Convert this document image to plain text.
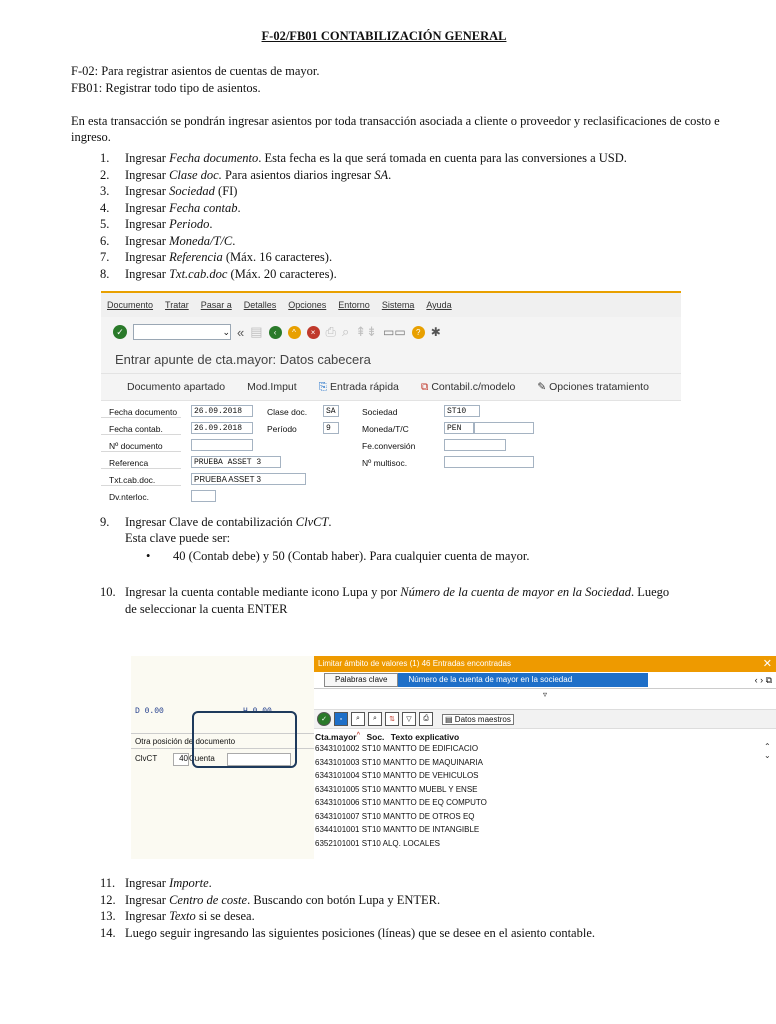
F-02/FB01 CONTABILIZACIÓN GENERAL
F-02: Para registrar asientos de cuentas de mayor.
FB01: Registrar todo tipo de asientos.
En esta transacción se pondrán ingresar asientos por toda transacción asociada a cliente o proveedor y reclasificaciones de costo e ingreso.
1. Ingresar Fecha documento. Esta fecha es la que será tomada en cuenta para las conversiones a USD.
2. Ingresar Clase doc. Para asientos diarios ingresar SA.
3. Ingresar Sociedad (FI)
4. Ingresar Fecha contab.
5. Ingresar Periodo.
6. Ingresar Moneda/T/C.
7. Ingresar Referencia (Máx. 16 caracteres).
8. Ingresar Txt.cab.doc (Máx. 20 caracteres).
Documento Tratar Pasar a Detalles Opciones Entorno Sistema Ayuda
✓	⌄ « ▤	‹	^	× ⎙ ⌕ ⇞⇟ ▭▭	? ✱
Entrar apunte de cta.mayor: Datos cabecera
Documento apartado Mod.Imput ⎘ Entrada rápida ⧉ Contabil.c/modelo ✎ Opciones tratamiento
Fecha documento	26.09.2018
Fecha contab.	26.09.2018
Nº documento
Referenca	PRUEBA ASSET 3
Txt.cab.doc.	PRUEBA ASSET 3
Dv.nterloc.
Clase doc.	SA
Período	9
Sociedad	ST10
Moneda/T/C	PEN
Fe.conversión
Nº multisoc.
9. Ingresar Clave de contabilización ClvCT.
Esta clave puede ser:
• 40 (Contab debe) y 50 (Contab haber). Para cualquier cuenta de mayor.
10. Ingresar la cuenta contable mediante icono Lupa y por Número de la cuenta de mayor en la Sociedad. Luego
de seleccionar la cuenta ENTER
D 0.00	H 0.00
Otra posición de documento
ClvCT	40 Cuenta
Limitar ámbito de valores (1) 46 Entradas encontradas	✕
Palabras clave	Número de la cuenta de mayor en la sociedad	‹ › ⧉
▿
✓	▫	⌕	⌕	⇅	▽	⎙	▤ Datos maestros
Cta.mayor^ Soc. Texto explicativo
6343101002 ST10 MANTTO DE EDIFICACIO
6343101003 ST10 MANTTO DE MAQUINARIA
6343101004 ST10 MANTTO DE VEHICULOS
6343101005 ST10 MANTTO MUEBL Y ENSE
6343101006 ST10 MANTTO DE EQ COMPUTO
6343101007 ST10 MANTTO DE OTROS EQ
6344101001 ST10 MANTTO DE INTANGIBLE
6352101001 ST10 ALQ. LOCALES
⌃
⌄
11. Ingresar Importe.
12. Ingresar Centro de coste. Buscando con botón Lupa y ENTER.
13. Ingresar Texto si se desea.
14. Luego seguir ingresando las siguientes posiciones (líneas) que se desee en el asiento contable.
